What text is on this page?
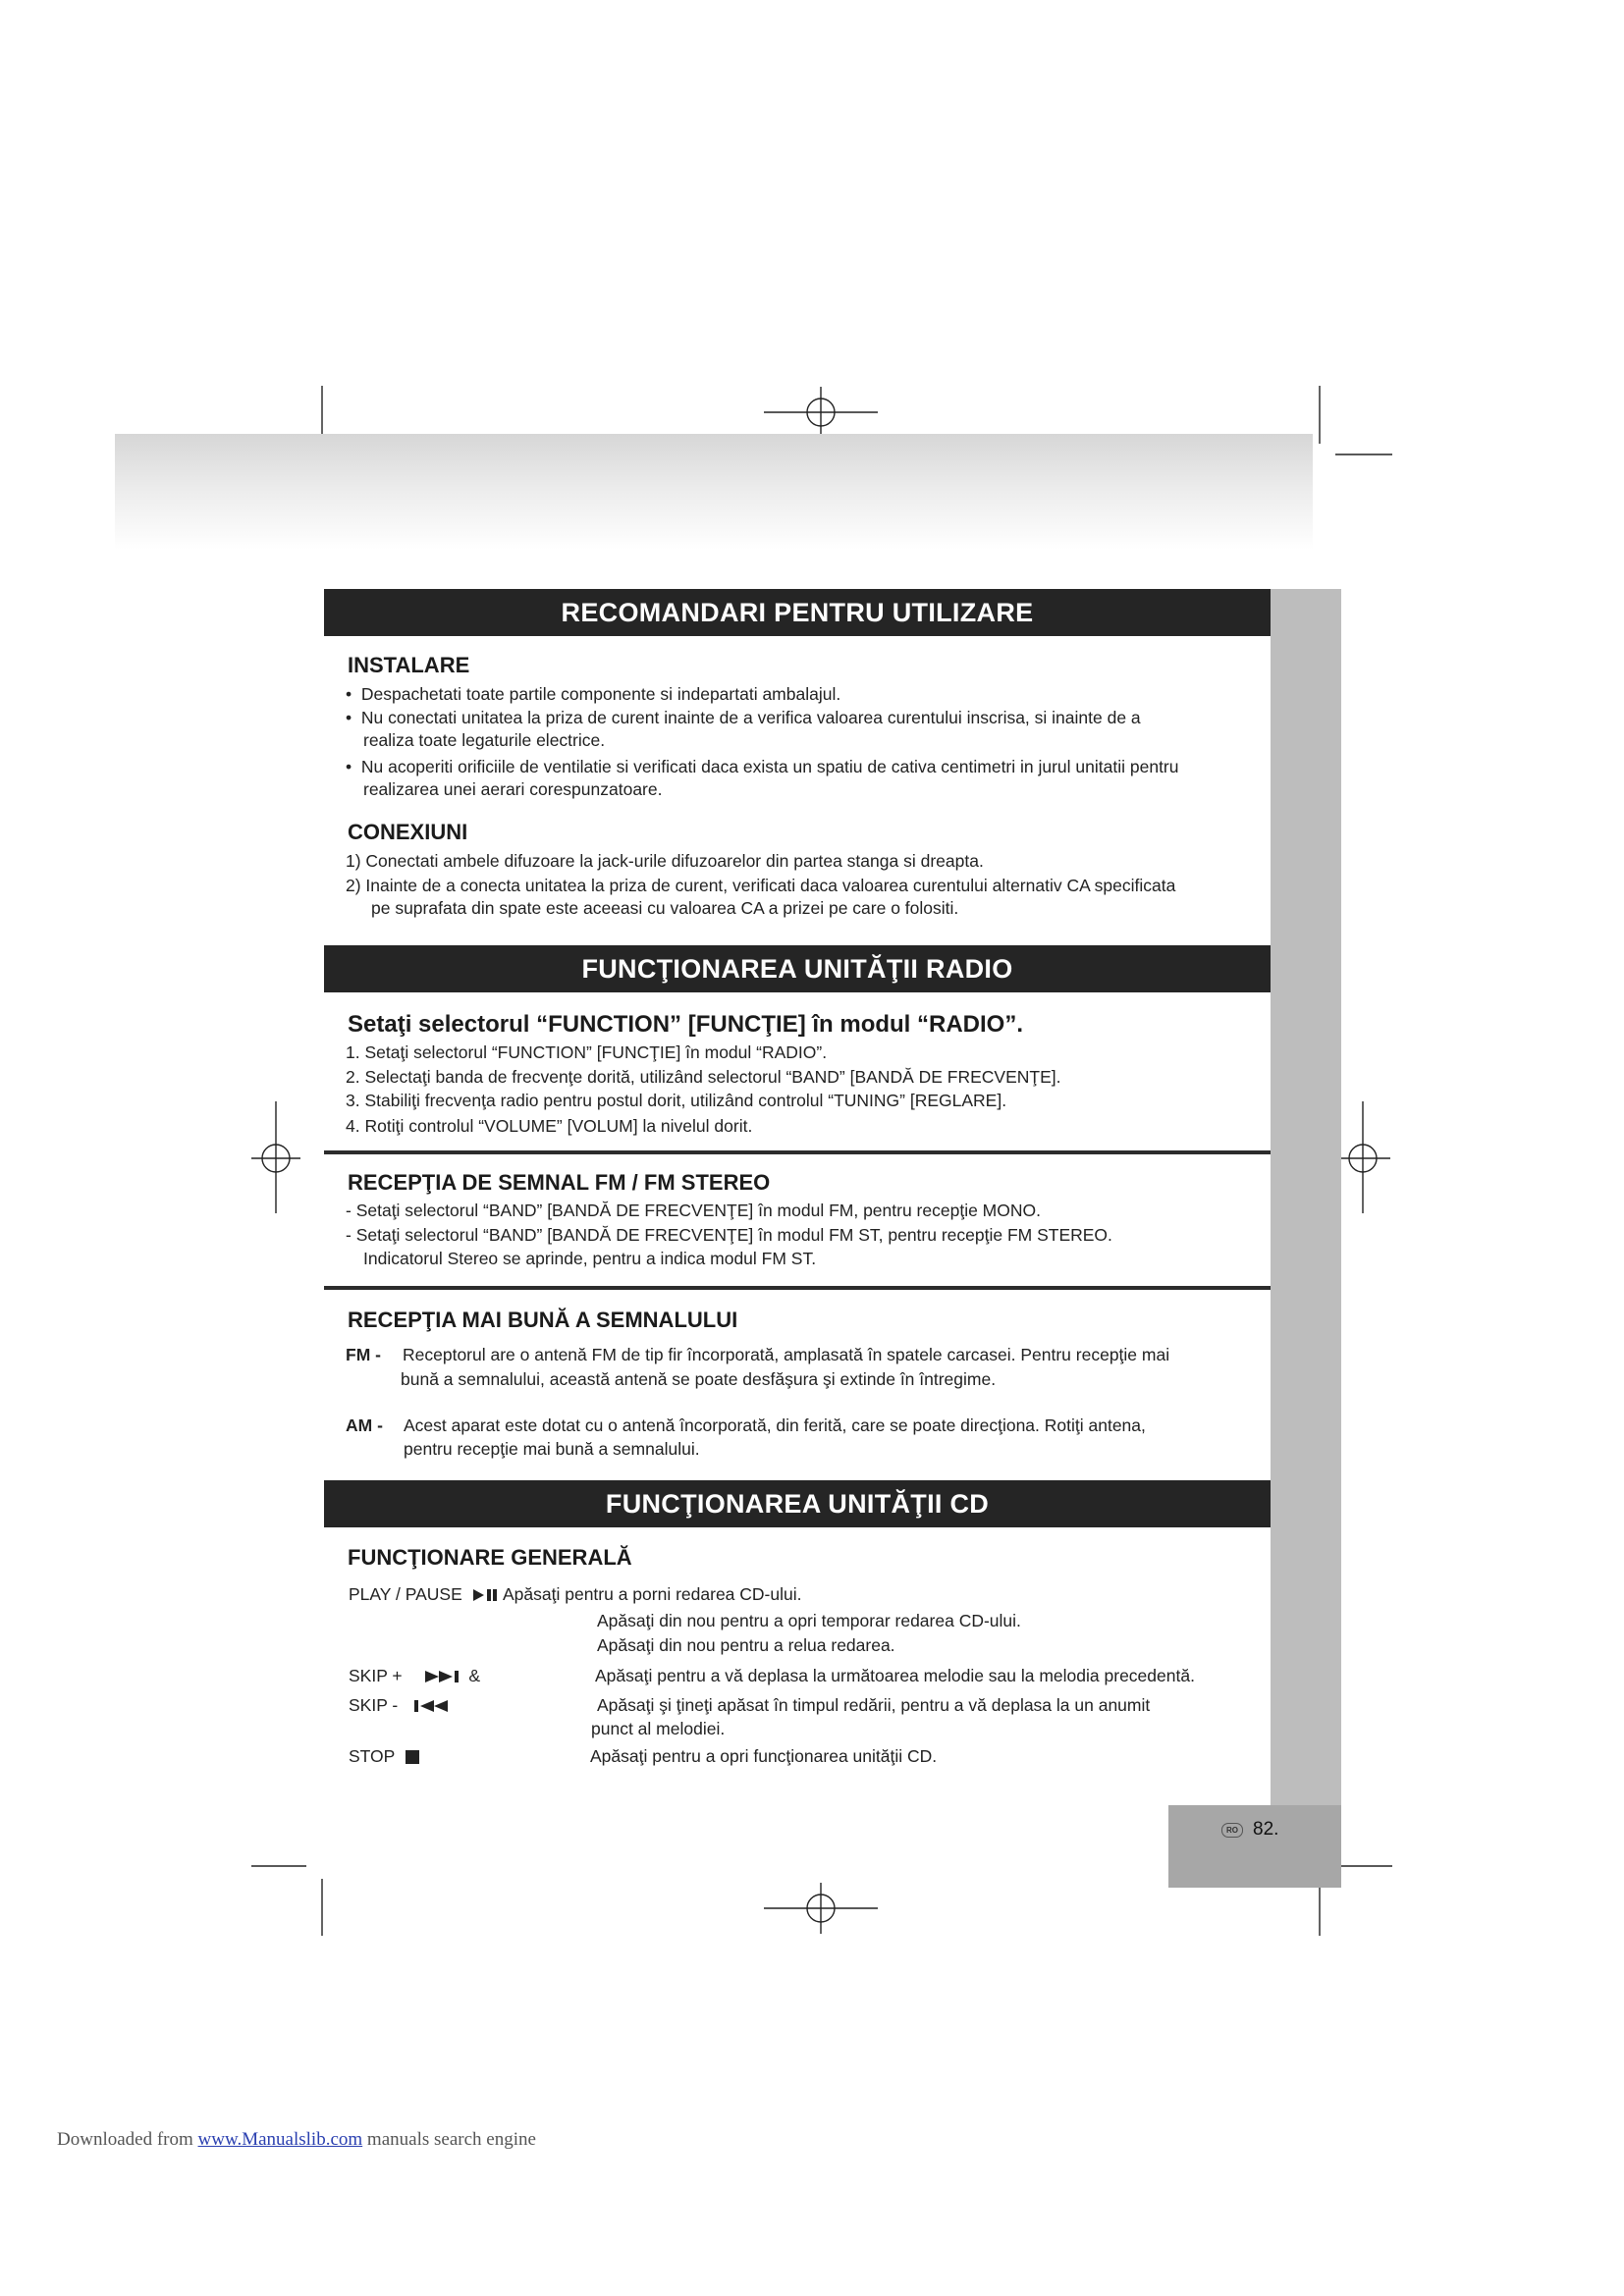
RO 82.
RECOMANDARI PENTRU UTILIZARE
INSTALARE
•  Despachetati toate partile componente si indepartati ambalajul.
•  Nu conectati unitatea la priza de curent inainte de a verifica valoarea curentului inscrisa, si inainte de a
realiza toate legaturile electrice.
•  Nu acoperiti orificiile de ventilatie si verificati daca exista un spatiu de cativa centimetri in jurul unitatii pentru
realizarea unei aerari corespunzatoare.
CONEXIUNI
1) Conectati ambele difuzoare la jack-urile difuzoarelor din partea stanga si dreapta.
2) Inainte de a conecta unitatea la priza de curent, verificati daca valoarea curentului alternativ CA specificata
pe suprafata din spate este aceeasi cu valoarea CA a prizei pe care o folositi.
FUNCŢIONAREA UNITĂŢII RADIO
Setaţi selectorul “FUNCTION” [FUNCŢIE] în modul “RADIO”.
1. Setaţi selectorul “FUNCTION” [FUNCŢIE] în modul “RADIO”.
2. Selectaţi banda de frecvenţe dorită, utilizând selectorul “BAND” [BANDĂ DE FRECVENŢE].
3. Stabiliţi frecvenţa radio pentru postul dorit, utilizând controlul “TUNING” [REGLARE].
4. Rotiţi controlul “VOLUME” [VOLUM] la nivelul dorit.
RECEPŢIA DE SEMNAL FM / FM STEREO
- Setaţi selectorul “BAND” [BANDĂ DE FRECVENŢE] în modul FM, pentru recepţie MONO.
- Setaţi selectorul “BAND” [BANDĂ DE FRECVENŢE] în modul FM ST, pentru recepţie FM STEREO.
Indicatorul Stereo se aprinde, pentru a indica modul FM ST.
RECEPŢIA MAI BUNĂ A SEMNALULUI
FM - Receptorul are o antenă FM de tip fir încorporată, amplasată în spatele carcasei. Pentru recepţie mai
bună a semnalului, această antenă se poate desfăşura şi extinde în întregime.
AM - Acest aparat este dotat cu o antenă încorporată, din ferită, care se poate direcţiona. Rotiţi antena,
pentru recepţie mai bună a semnalului.
FUNCŢIONAREA UNITĂŢII CD
FUNCŢIONARE GENERALĂ
PLAY / PAUSE	Apăsaţi pentru a porni redarea CD-ului.
Apăsaţi din nou pentru a opri temporar redarea CD-ului.
Apăsaţi din nou pentru a relua redarea.
SKIP +	&	Apăsaţi pentru a vă deplasa la următoarea melodie sau la melodia precedentă.
SKIP -	Apăsaţi şi ţineţi apăsat în timpul redării, pentru a vă deplasa la un anumit
punct al melodiei.
STOP	Apăsaţi pentru a opri funcţionarea unităţii CD.
Downloaded from www.Manualslib.com manuals search engine
